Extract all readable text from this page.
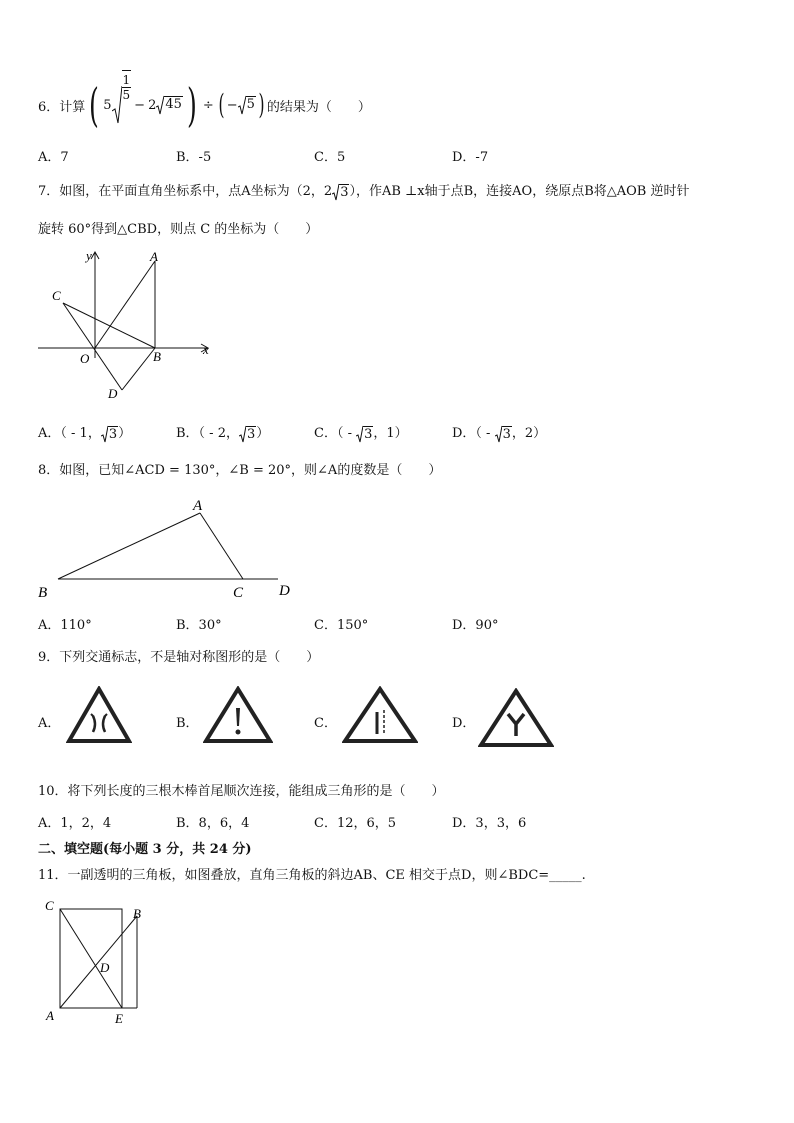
6．计算 ( 5
$\frac{1}{5}$
− 2 45 ) ÷ ( − 5 ) 的结果为（　　）
A．7	B．-5	C．5	D．-7
7．如图，在平面直角坐标系中，点A坐标为（2，2 3 ），作AB ⊥x轴于点B，连接AO，绕原点B将△AOB 逆时针
旋转 60°得到△CBD，则点 C 的坐标为（　　）
y
x
A
C
O	B
D
A．（ - 1， 3 ）	B．（ - 2， 3 ）	C．（ - 3 ，1）	D．（ - 3 ，2）
8．如图，已知∠ACD = 130°，∠B = 20°，则∠A的度数是（　　）
A
B	C D
A．110°	B．30°	C．150°	D．90°
9．下列交通标志，不是轴对称图形的是（　　）
A．	B．	C．	D．
10．将下列长度的三根木棒首尾顺次连接，能组成三角形的是（　　）
A．1，2，4	B．8，6，4	C．12，6，5	D．3，3，6
二、填空题(每小题 3 分，共 24 分)
11．一副透明的三角板，如图叠放，直角三角板的斜边AB、CE 相交于点D，则∠BDC=_____.
C
B
D
A	E
